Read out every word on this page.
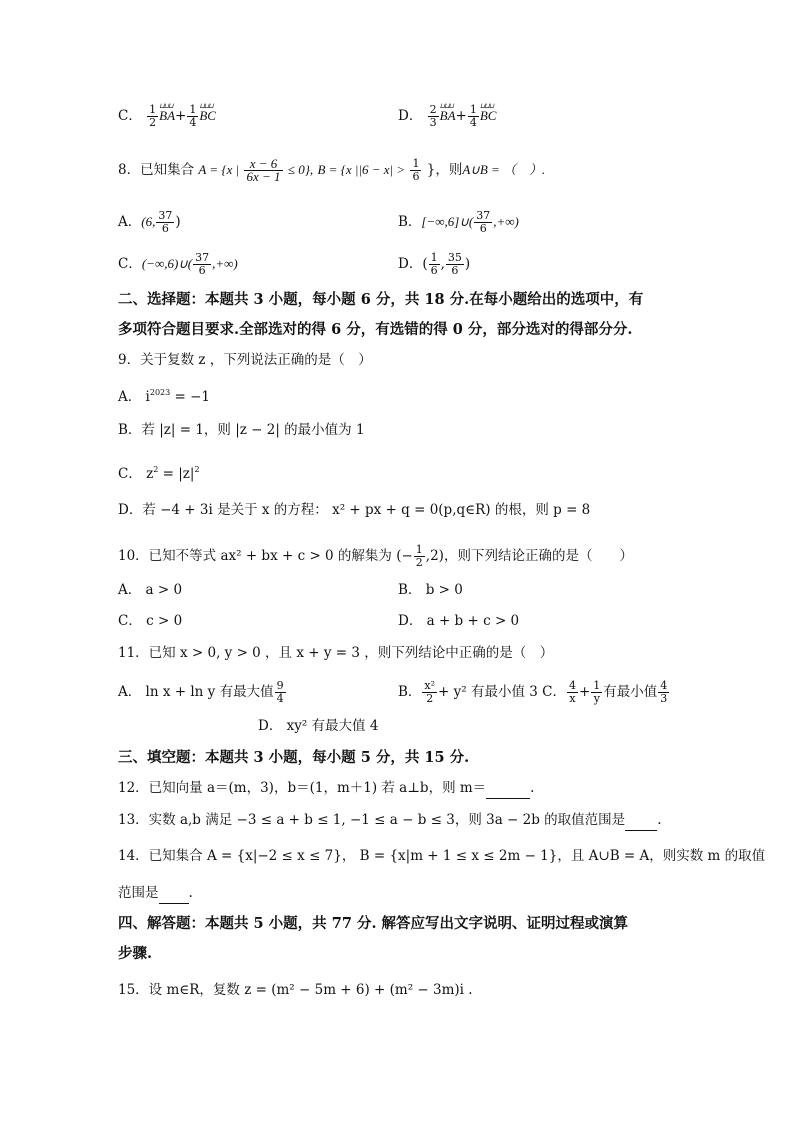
C． $\frac{1}{2}$ ⊔⊔⊔ $BA+ \frac{1}{4}$ ⊔⊔⊔ BC	D． $\frac{2}{3}$ ⊔⊔⊔ $BA+ \frac{1}{4}$ ⊔⊔⊔ BC
8．已知集合 A = {x | $\frac{x - 6}{6x - 1} \le 0$}, B = {x $||6 - x| > \frac{1}{6}$ }，则A∪B = （　）.
A．(6, $\frac{37}{6}$ )	B．[−∞,6]∪( $\frac{37}{6}$ ,+∞)
C．(−∞,6)∪( $\frac{37}{6}$ ,+∞)	D．( $\frac{1}{6}$ , $\frac{35}{6}$ )
二、选择题：本题共 3 小题，每小题 6 分，共 18 分.在每小题给出的选项中，有
多项符合题目要求.全部选对的得 6 分，有选错的得 0 分，部分选对的得部分分.
9．关于复数 z ，下列说法正确的是（　）
A． $i^{2023} = -1$
B．若 |z| = 1，则 |z − 2| 的最小值为 1
C． $z^2 = |z|^2$
D．若 −4 + 3i 是关于 x 的方程： x² + px + q = 0(p,q∈R) 的根，则 p = 8
10．已知不等式 ax² + bx + c > 0 的解集为 (− $\frac{1}{2} ,2$)，则下列结论正确的是（　　）
A． a > 0	B． b > 0
C． c > 0	D． a + b + c > 0
11．已知 x > 0, y > 0 ，且 x + y = 3 ，则下列结论中正确的是（　）
A． ln x + ln y 有最大值 $\frac{9}{4}$	B． $\frac{\text{x²}}{2} + y^2$ 有最小值 3 C． $\frac{4}{x} + \frac{1}{y}$ 有最小值 $\frac{4}{3}$
D． xy² 有最大值 4
三、填空题：本题共 3 小题，每小题 5 分，共 15 分.
12．已知向量 a＝(m，3)，b＝(1，m＋1) 若 a⊥b，则 m＝	.
13．实数 a,b 满足 −3 ≤ a + b ≤ 1, −1 ≤ a − b ≤ 3，则 3a − 2b 的取值范围是 .
14．已知集合 A = {x|−2 ≤ x ≤ 7}， B = {x|m + 1 ≤ x ≤ 2m − 1}，且 A∪B = A，则实数 m 的取值
范围是 .
四、解答题：本题共 5 小题，共 77 分. 解答应写出文字说明、证明过程或演算
步骤.
15．设 m∈R，复数 z = (m² − 5m + 6) + (m² − 3m)i .
